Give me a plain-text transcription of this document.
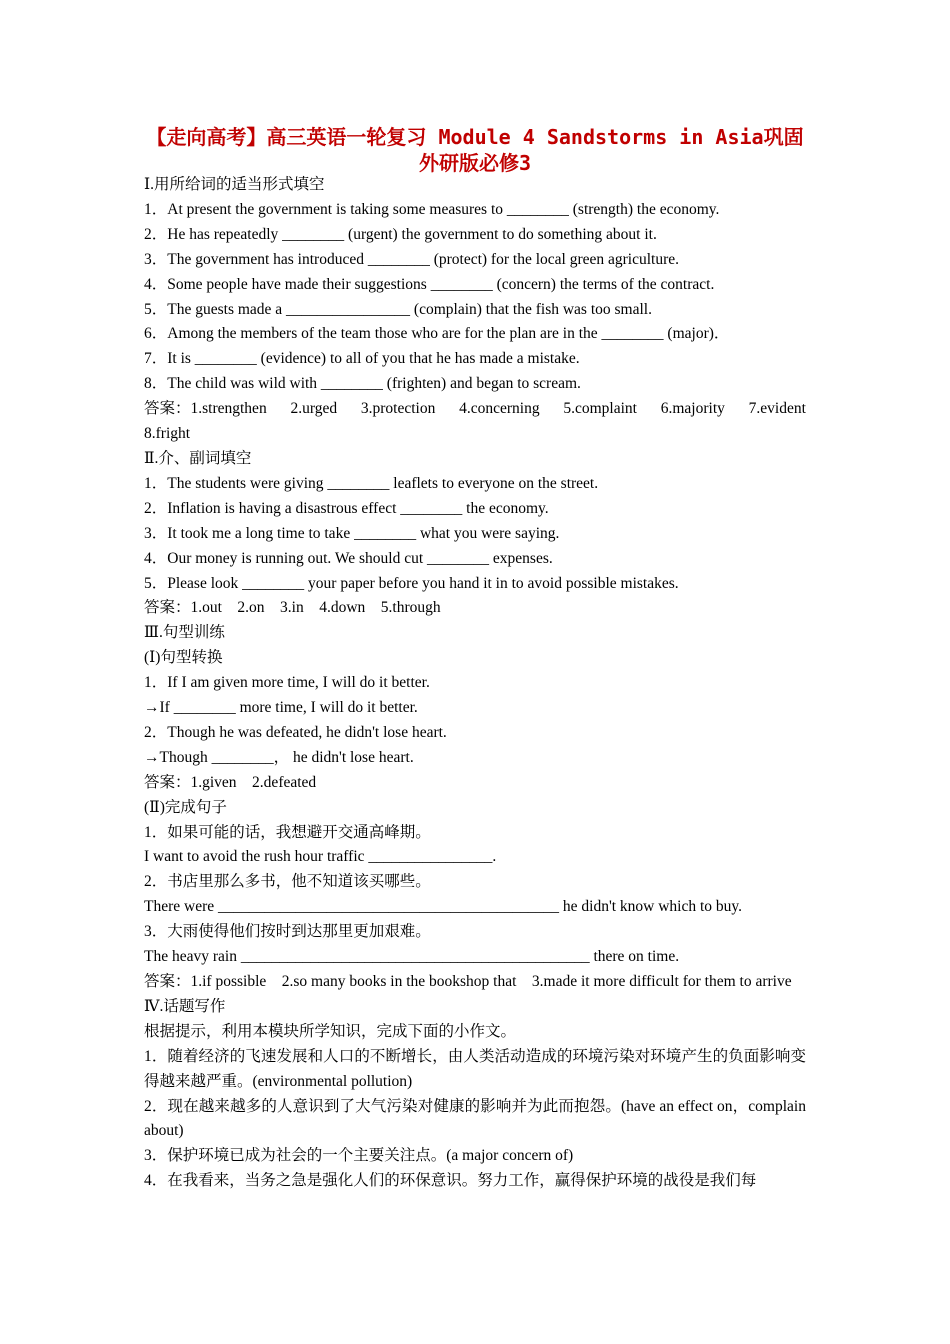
【走向高考】高三英语一轮复习 Module 4 Sandstorms in Asia巩固 外研版必修3
Ⅰ.用所给词的适当形式填空
1．At present the government is taking some measures to ________ (strength) the economy.
2．He has repeatedly ________ (urgent) the government to do something about it.
3．The government has introduced ________ (protect) for the local green agriculture.
4．Some people have made their suggestions ________ (concern) the terms of the contract.
5．The guests made a ________________ (complain) that the fish was too small.
6．Among the members of the team those who are for the plan are in the ________ (major)．
7．It is ________ (evidence) to all of you that he has made a mistake.
8．The child was wild with ________ (frighten) and began to scream.
答案：1.strengthen 2.urged 3.protection 4.concerning 5.complaint 6.majority 7.evident
8.fright
Ⅱ.介、副词填空
1．The students were giving ________ leaflets to everyone on the street.
2．Inflation is having a disastrous effect ________ the economy.
3．It took me a long time to take ________ what you were saying.
4．Our money is running out. We should cut ________ expenses.
5．Please look ________ your paper before you hand it in to avoid possible mistakes.
答案：1.out    2.on    3.in    4.down    5.through
Ⅲ.句型训练
(Ⅰ)句型转换
1．If I am given more time, I will do it better.
→If ________ more time, I will do it better.
2．Though he was defeated, he didn't lose heart.
→Though ________， he didn't lose heart.
答案：1.given    2.defeated
(Ⅱ)完成句子
1．如果可能的话，我想避开交通高峰期。
I want to avoid the rush hour traffic ________________.
2．书店里那么多书，他不知道该买哪些。
There were ____________________________________________ he didn't know which to buy.
3．大雨使得他们按时到达那里更加艰难。
The heavy rain _____________________________________________ there on time.
答案：1.if possible    2.so many books in the bookshop that    3.made it more difficult for them to arrive
Ⅳ.话题写作
根据提示，利用本模块所学知识，完成下面的小作文。
1．随着经济的飞速发展和人口的不断增长，由人类活动造成的环境污染对环境产生的负面影响变得越来越严重。(environmental pollution)
2．现在越来越多的人意识到了大气污染对健康的影响并为此而抱怨。(have an effect on，complain about)
3．保护环境已成为社会的一个主要关注点。(a major concern of)
4．在我看来，当务之急是强化人们的环保意识。努力工作，赢得保护环境的战役是我们每
